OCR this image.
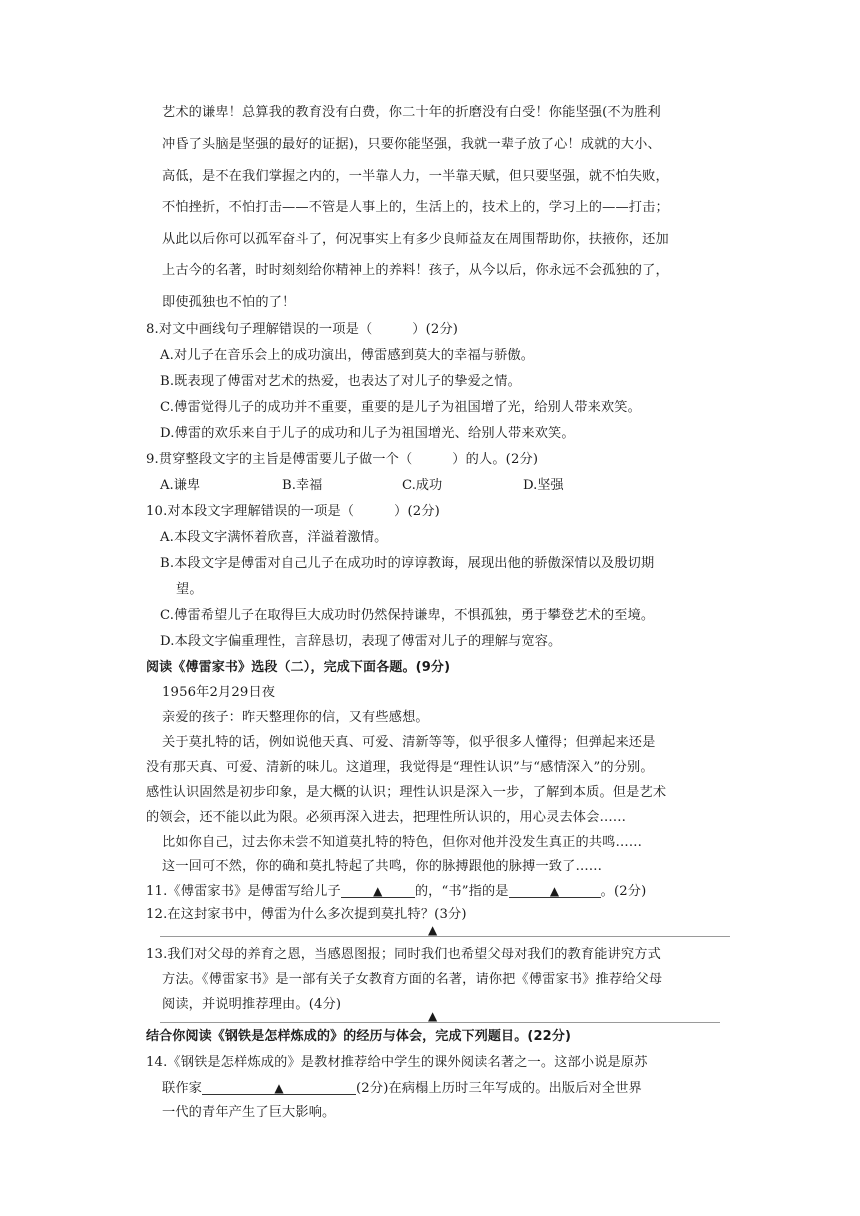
艺术的谦卑！总算我的教育没有白费，你二十年的折磨没有白受！你能坚强(不为胜利
冲昏了头脑是坚强的最好的证据)，只要你能坚强，我就一辈子放了心！成就的大小、
高低，是不在我们掌握之内的，一半靠人力，一半靠天赋，但只要坚强，就不怕失败，
不怕挫折，不怕打击——不管是人事上的，生活上的，技术上的，学习上的——打击；
从此以后你可以孤军奋斗了，何况事实上有多少良师益友在周围帮助你，扶掖你，还加
上古今的名著，时时刻刻给你精神上的养料！孩子，从今以后，你永远不会孤独的了，
即使孤独也不怕的了！
8.对文中画线句子理解错误的一项是（　　　）(2分)
A.对儿子在音乐会上的成功演出，傅雷感到莫大的幸福与骄傲。
B.既表现了傅雷对艺术的热爱，也表达了对儿子的挚爱之情。
C.傅雷觉得儿子的成功并不重要，重要的是儿子为祖国增了光，给别人带来欢笑。
D.傅雷的欢乐来自于儿子的成功和儿子为祖国增光、给别人带来欢笑。
9.贯穿整段文字的主旨是傅雷要儿子做一个（　　　）的人。(2分)
A.谦卑	B.幸福	C.成功	D.坚强
10.对本段文字理解错误的一项是（　　　）(2分)
A.本段文字满怀着欣喜，洋溢着激情。
B.本段文字是傅雷对自己儿子在成功时的谆谆教诲，展现出他的骄傲深情以及殷切期
望。
C.傅雷希望儿子在取得巨大成功时仍然保持谦卑，不惧孤独，勇于攀登艺术的至境。
D.本段文字偏重理性，言辞恳切，表现了傅雷对儿子的理解与宽容。
阅读《傅雷家书》选段（二），完成下面各题。(9分)
1956年2月29日夜
亲爱的孩子：昨天整理你的信，又有些感想。
关于莫扎特的话，例如说他天真、可爱、清新等等，似乎很多人懂得；但弹起来还是
没有那天真、可爱、清新的味儿。这道理，我觉得是“理性认识”与“感情深入”的分别。
感性认识固然是初步印象，是大概的认识；理性认识是深入一步，了解到本质。但是艺术
的领会，还不能以此为限。必须再深入进去，把理性所认识的，用心灵去体会……
比如你自己，过去你未尝不知道莫扎特的特色，但你对他并没发生真正的共鸣……
这一回可不然，你的确和莫扎特起了共鸣，你的脉搏跟他的脉搏一致了……
11.《傅雷家书》是傅雷写给儿子	▲ 的，“书”指的是	▲	。(2分)
12.在这封家书中，傅雷为什么多次提到莫扎特？(3分)
▲
13.我们对父母的养育之恩，当感恩图报；同时我们也希望父母对我们的教育能讲究方式
方法。《傅雷家书》是一部有关子女教育方面的名著，请你把《傅雷家书》推荐给父母
阅读，并说明推荐理由。(4分)
▲
结合你阅读《钢铁是怎样炼成的》的经历与体会，完成下列题目。(22分)
14.《钢铁是怎样炼成的》是教材推荐给中学生的课外阅读名著之一。这部小说是原苏
联作家	▲	(2分)在病榻上历时三年写成的。出版后对全世界
一代的青年产生了巨大影响。
